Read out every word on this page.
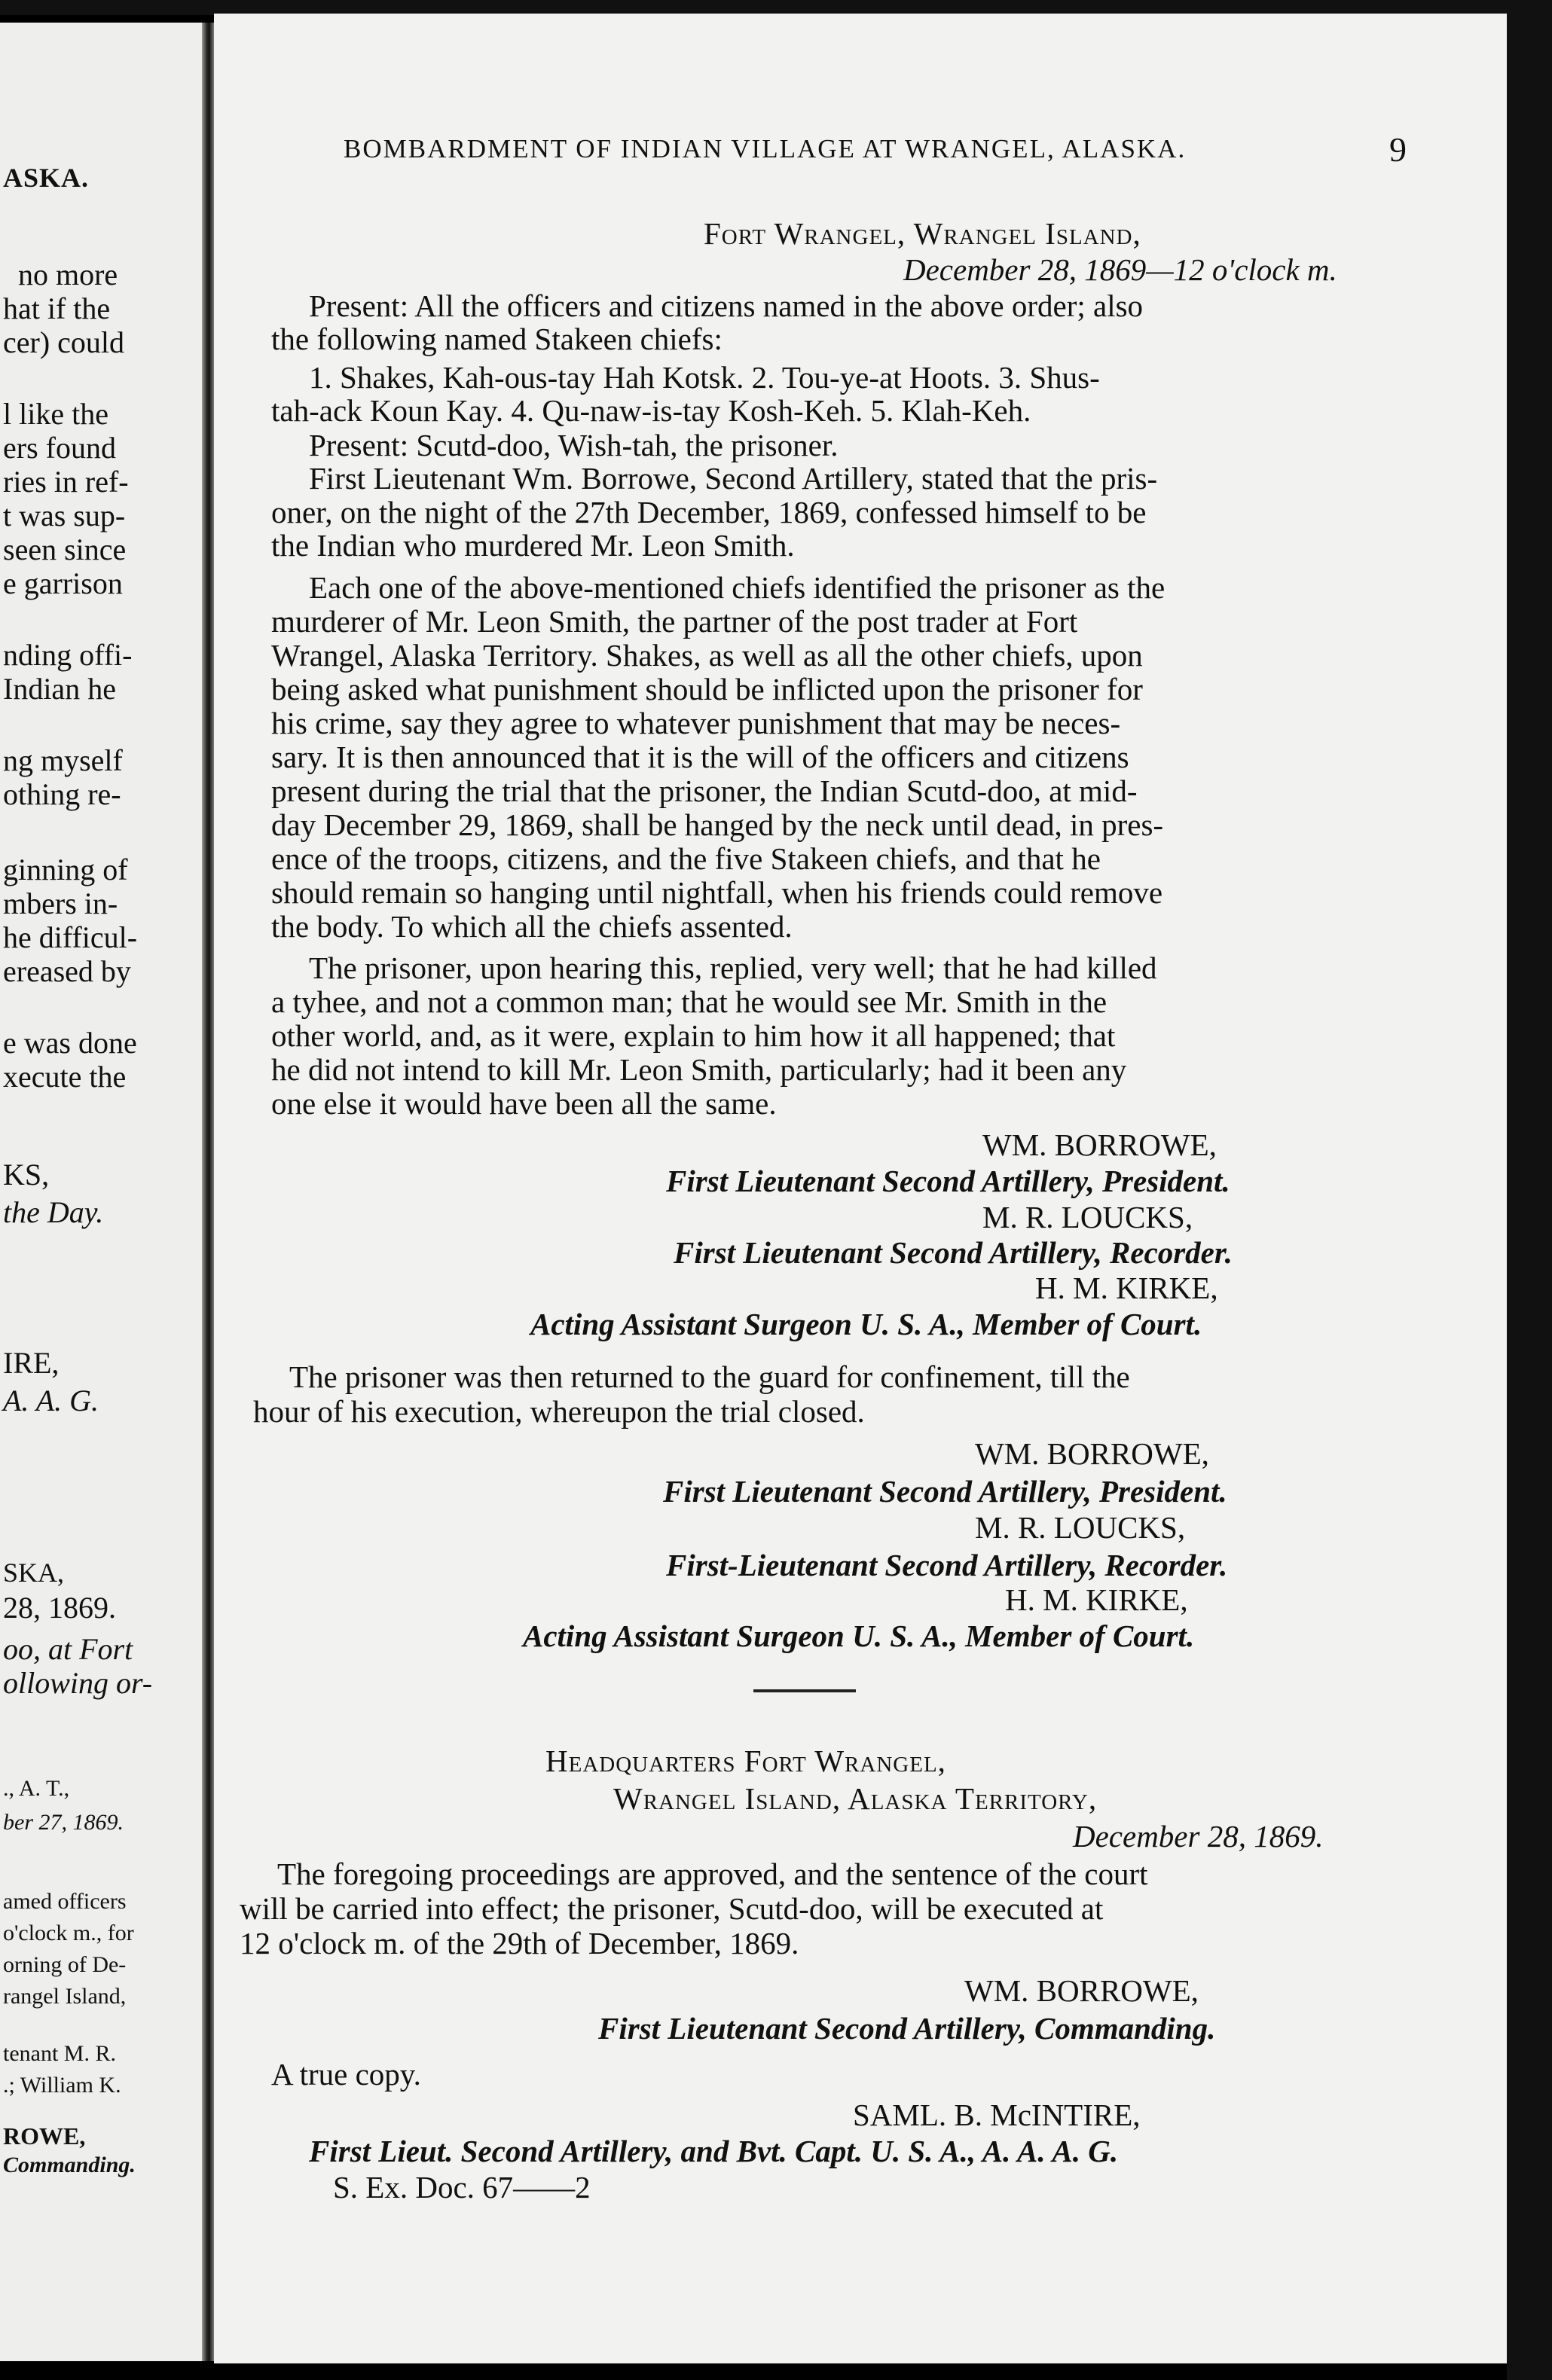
ASKA.
no more
hat if the
cer) could
l like the
ers found
ries in ref-
t was sup-
seen since
e garrison
nding offi-
Indian he
ng myself
othing re-
ginning of
mbers in-
he difficul-
ereased by
e was done
xecute the
KS,
the Day.
IRE,
A. A. G.
SKA,
28, 1869.
oo, at Fort
ollowing or-
., A. T.,
ber 27, 1869.
amed officers
o'clock m., for
orning of De-
rangel Island,
tenant M. R.
.; William K.
ROWE,
Commanding.
BOMBARDMENT OF INDIAN VILLAGE AT WRANGEL, ALASKA.	9
Fort Wrangel, Wrangel Island,
December 28, 1869—12 o'clock m.
Present: All the officers and citizens named in the above order; also
the following named Stakeen chiefs:
1. Shakes, Kah-ous-tay Hah Kotsk. 2. Tou-ye-at Hoots. 3. Shus-
tah-ack Koun Kay. 4. Qu-naw-is-tay Kosh-Keh. 5. Klah-Keh.
Present: Scutd-doo, Wish-tah, the prisoner.
First Lieutenant Wm. Borrowe, Second Artillery, stated that the pris-
oner, on the night of the 27th December, 1869, confessed himself to be
the Indian who murdered Mr. Leon Smith.
Each one of the above-mentioned chiefs identified the prisoner as the
murderer of Mr. Leon Smith, the partner of the post trader at Fort
Wrangel, Alaska Territory. Shakes, as well as all the other chiefs, upon
being asked what punishment should be inflicted upon the prisoner for
his crime, say they agree to whatever punishment that may be neces-
sary. It is then announced that it is the will of the officers and citizens
present during the trial that the prisoner, the Indian Scutd-doo, at mid-
day December 29, 1869, shall be hanged by the neck until dead, in pres-
ence of the troops, citizens, and the five Stakeen chiefs, and that he
should remain so hanging until nightfall, when his friends could remove
the body. To which all the chiefs assented.
The prisoner, upon hearing this, replied, very well; that he had killed
a tyhee, and not a common man; that he would see Mr. Smith in the
other world, and, as it were, explain to him how it all happened; that
he did not intend to kill Mr. Leon Smith, particularly; had it been any
one else it would have been all the same.
WM. BORROWE,
First Lieutenant Second Artillery, President.
M. R. LOUCKS,
First Lieutenant Second Artillery, Recorder.
H. M. KIRKE,
Acting Assistant Surgeon U. S. A., Member of Court.
The prisoner was then returned to the guard for confinement, till the
hour of his execution, whereupon the trial closed.
WM. BORROWE,
First Lieutenant Second Artillery, President.
M. R. LOUCKS,
First-Lieutenant Second Artillery, Recorder.
H. M. KIRKE,
Acting Assistant Surgeon U. S. A., Member of Court.
Headquarters Fort Wrangel,
Wrangel Island, Alaska Territory,
December 28, 1869.
The foregoing proceedings are approved, and the sentence of the court
will be carried into effect; the prisoner, Scutd-doo, will be executed at
12 o'clock m. of the 29th of December, 1869.
WM. BORROWE,
First Lieutenant Second Artillery, Commanding.
A true copy.
SAML. B. McINTIRE,
First Lieut. Second Artillery, and Bvt. Capt. U. S. A., A. A. A. G.
S. Ex. Doc. 67——2
